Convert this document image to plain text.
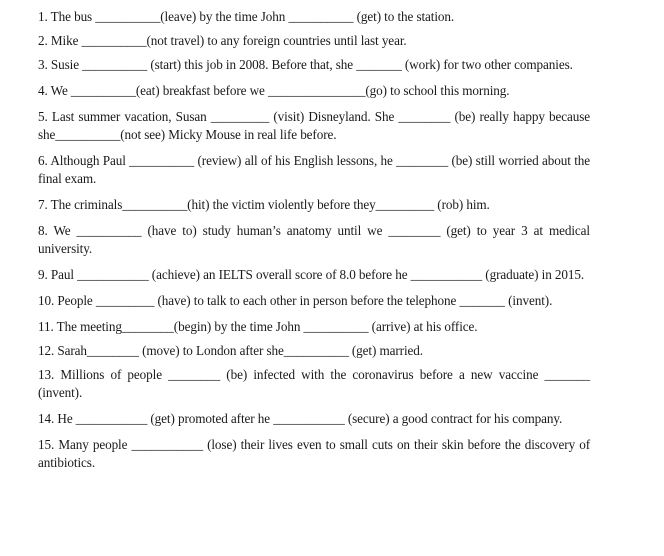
1. The bus __________(leave) by the time John __________ (get) to the station.
2. Mike __________(not travel) to any foreign countries until last year.
3. Susie __________ (start) this job in 2008. Before that, she _______ (work) for two other companies.
4. We __________(eat) breakfast before we _______________(go) to school this morning.
5. Last summer vacation, Susan _________ (visit) Disneyland. She ________ (be) really happy because she__________(not see) Micky Mouse in real life before.
6. Although Paul __________ (review) all of his English lessons, he ________ (be) still worried about the final exam.
7. The criminals__________(hit) the victim violently before they_________ (rob) him.
8. We __________ (have to) study human’s anatomy until we ________ (get) to year 3 at medical university.
9. Paul ___________ (achieve) an IELTS overall score of 8.0 before he ___________ (graduate) in 2015.
10. People _________ (have) to talk to each other in person before the telephone _______ (invent).
11. The meeting________(begin) by the time John __________ (arrive) at his office.
12. Sarah________ (move) to London after she__________ (get) married.
13. Millions of people ________ (be) infected with the coronavirus before a new vaccine _______ (invent).
14. He ___________ (get) promoted after he ___________ (secure) a good contract for his company.
15. Many people ___________ (lose) their lives even to small cuts on their skin before the discovery of antibiotics.
